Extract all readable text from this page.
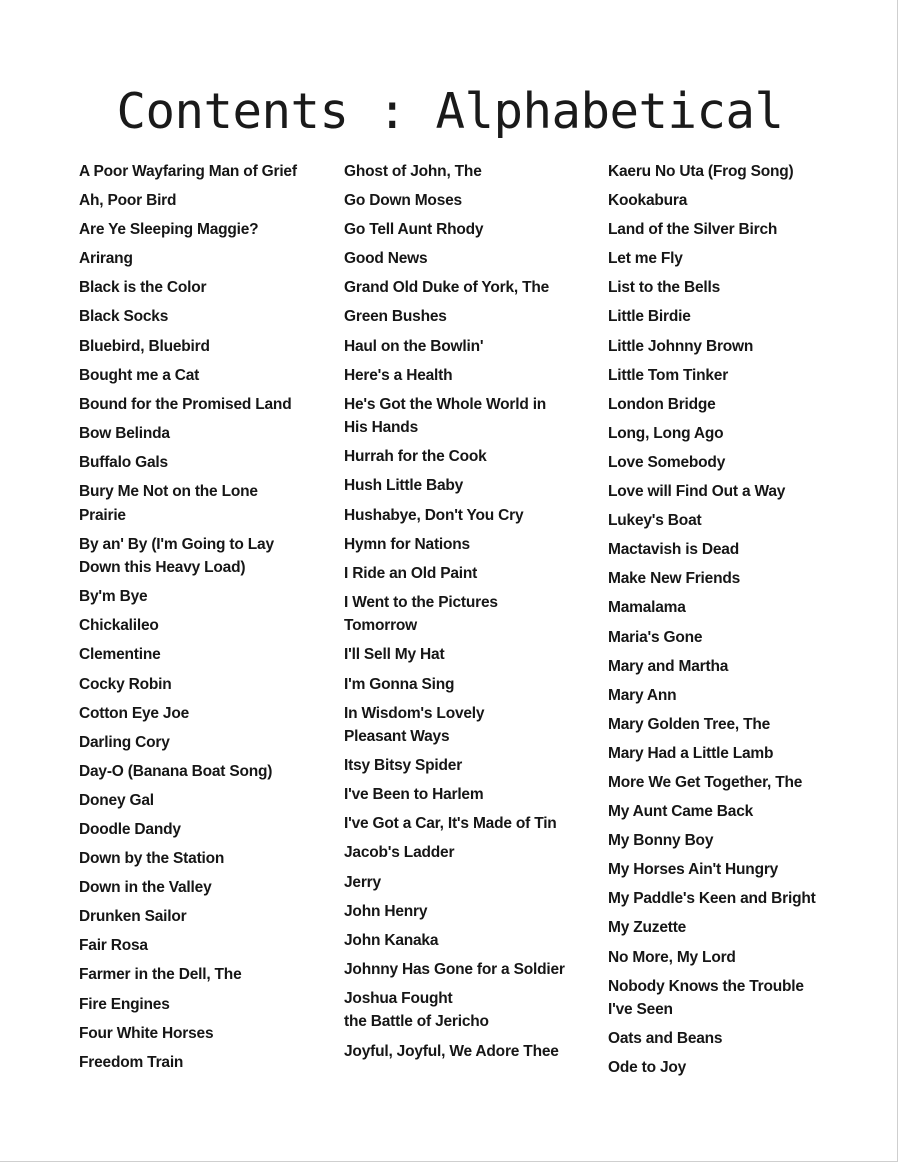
Contents : Alphabetical
A Poor Wayfaring Man of Grief
Ah, Poor Bird
Are Ye Sleeping Maggie?
Arirang
Black is the Color
Black Socks
Bluebird, Bluebird
Bought me a Cat
Bound for the Promised Land
Bow Belinda
Buffalo Gals
Bury Me Not on the Lone
Prairie
By an' By (I'm Going to Lay
Down this Heavy Load)
By'm Bye
Chickalileo
Clementine
Cocky Robin
Cotton Eye Joe
Darling Cory
Day-O (Banana Boat Song)
Doney Gal
Doodle Dandy
Down by the Station
Down in the Valley
Drunken Sailor
Fair Rosa
Farmer in the Dell, The
Fire Engines
Four White Horses
Freedom Train
Ghost of John, The
Go Down Moses
Go Tell Aunt Rhody
Good News
Grand Old Duke of York, The
Green Bushes
Haul on the Bowlin'
Here's a Health
He's Got the Whole World in
His Hands
Hurrah for the Cook
Hush Little Baby
Hushabye, Don't You Cry
Hymn for Nations
I Ride an Old Paint
I Went to the Pictures
Tomorrow
I'll Sell My Hat
I'm Gonna Sing
In Wisdom's Lovely
Pleasant Ways
Itsy Bitsy Spider
I've Been to Harlem
I've Got a Car, It's Made of Tin
Jacob's Ladder
Jerry
John Henry
John Kanaka
Johnny Has Gone for a Soldier
Joshua Fought
the Battle of Jericho
Joyful, Joyful, We Adore Thee
Kaeru No Uta (Frog Song)
Kookabura
Land of the Silver Birch
Let me Fly
List to the Bells
Little Birdie
Little Johnny Brown
Little Tom Tinker
London Bridge
Long, Long Ago
Love Somebody
Love will Find Out a Way
Lukey's Boat
Mactavish is Dead
Make New Friends
Mamalama
Maria's Gone
Mary and Martha
Mary Ann
Mary Golden Tree, The
Mary Had a Little Lamb
More We Get Together, The
My Aunt Came Back
My Bonny Boy
My Horses Ain't Hungry
My Paddle's Keen and Bright
My Zuzette
No More, My Lord
Nobody Knows the Trouble
I've Seen
Oats and Beans
Ode to Joy
